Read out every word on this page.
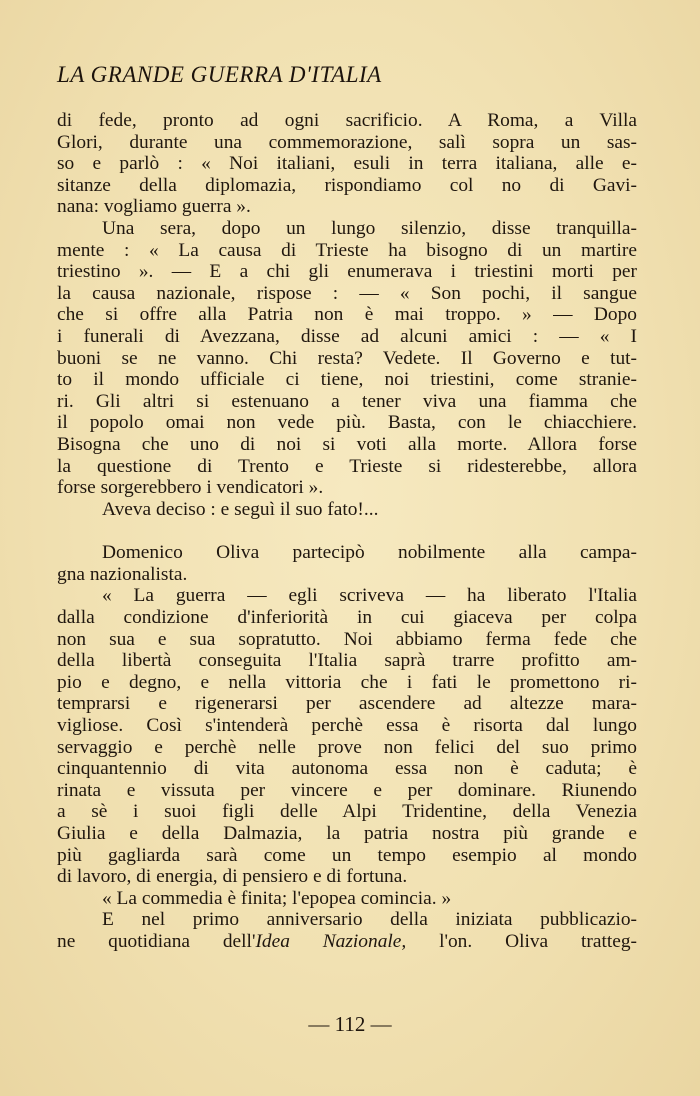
LA GRANDE GUERRA D'ITALIA
di fede, pronto ad ogni sacrificio. A Roma, a Villa
Glori, durante una commemorazione, salì sopra un sas-
so e parlò : « Noi italiani, esuli in terra italiana, alle e-
sitanze della diplomazia, rispondiamo col no di Gavi-
nana: vogliamo guerra ».
Una sera, dopo un lungo silenzio, disse tranquilla-
mente : « La causa di Trieste ha bisogno di un martire
triestino ». — E a chi gli enumerava i triestini morti per
la causa nazionale, rispose : — « Son pochi, il sangue
che si offre alla Patria non è mai troppo. » — Dopo
i funerali di Avezzana, disse ad alcuni amici : — « I
buoni se ne vanno. Chi resta? Vedete. Il Governo e tut-
to il mondo ufficiale ci tiene, noi triestini, come stranie-
ri. Gli altri si estenuano a tener viva una fiamma che
il popolo omai non vede più. Basta, con le chiacchiere.
Bisogna che uno di noi si voti alla morte. Allora forse
la questione di Trento e Trieste si ridesterebbe, allora
forse sorgerebbero i vendicatori ».
Aveva deciso : e seguì il suo fato!...
Domenico Oliva partecipò nobilmente alla campa-
gna nazionalista.
« La guerra — egli scriveva — ha liberato l'Italia
dalla condizione d'inferiorità in cui giaceva per colpa
non sua e sua sopratutto. Noi abbiamo ferma fede che
della libertà conseguita l'Italia saprà trarre profitto am-
pio e degno, e nella vittoria che i fati le promettono ri-
temprarsi e rigenerarsi per ascendere ad altezze mara-
vigliose. Così s'intenderà perchè essa è risorta dal lungo
servaggio e perchè nelle prove non felici del suo primo
cinquantennio di vita autonoma essa non è caduta; è
rinata e vissuta per vincere e per dominare. Riunendo
a sè i suoi figli delle Alpi Tridentine, della Venezia
Giulia e della Dalmazia, la patria nostra più grande e
più gagliarda sarà come un tempo esempio al mondo
di lavoro, di energia, di pensiero e di fortuna.
« La commedia è finita; l'epopea comincia. »
E nel primo anniversario della iniziata pubblicazio-
ne quotidiana dell'Idea Nazionale, l'on. Oliva tratteg-
— 112 —
